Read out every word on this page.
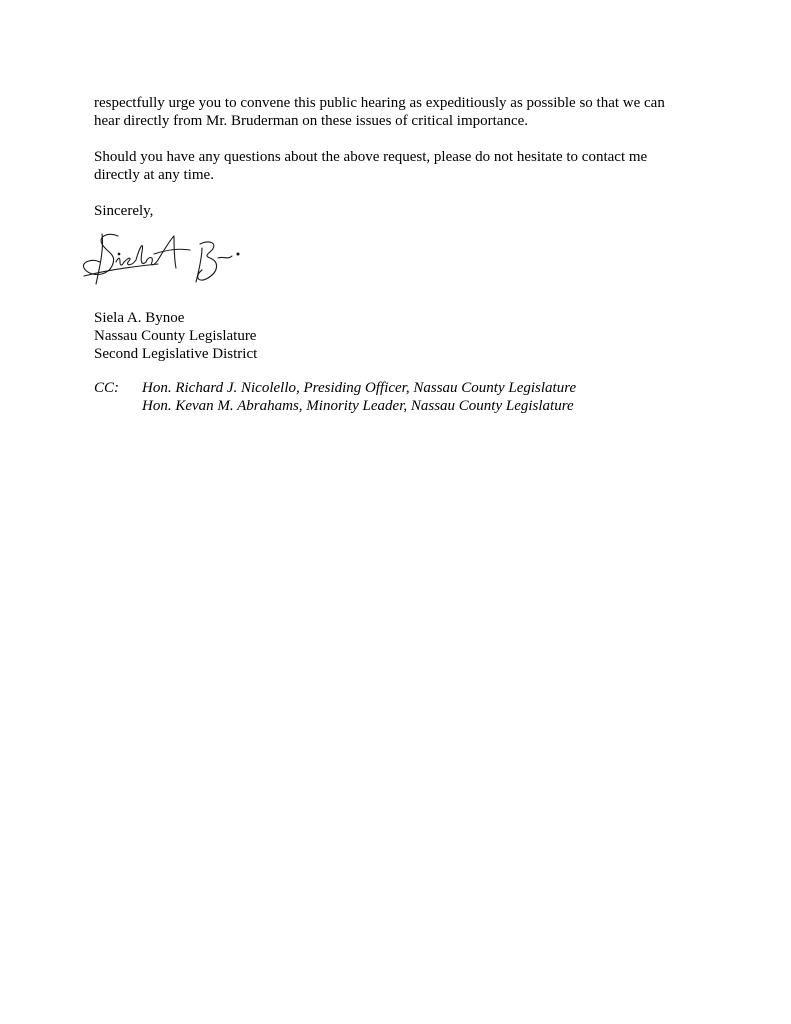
respectfully urge you to convene this public hearing as expeditiously as possible so that we can
hear directly from Mr. Bruderman on these issues of critical importance.

Should you have any questions about the above request, please do not hesitate to contact me
directly at any time.

Sincerely,

Siela A. Bynoe
Nassau County Legislature
Second Legislative District
CC: Hon. Richard J. Nicolello, Presiding Officer, Nassau County Legislature
Hon. Kevan M. Abrahams, Minority Leader, Nassau County Legislature
